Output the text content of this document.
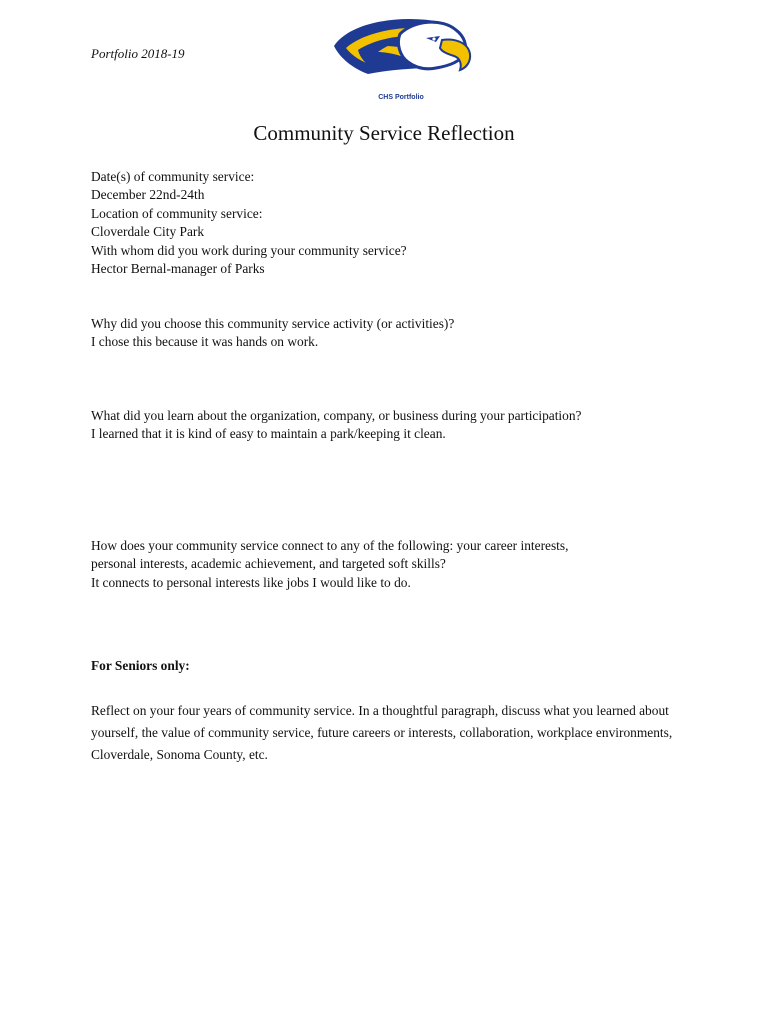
Portfolio 2018-19
CHS Portfolio
Community Service Reflection
Date(s) of community service:
December 22nd-24th
Location of community service:
Cloverdale City Park
With whom did you work during your community service?
Hector Bernal-manager of Parks
Why did you choose this community service activity (or activities)?
I chose this because it was hands on work.
What did you learn about the organization, company, or business during your participation?
I learned that it is kind of easy to maintain a park/keeping it clean.
How does your community service connect to any of the following: your career interests,
personal interests, academic achievement, and targeted soft skills?
It connects to personal interests like jobs I would like to do.
For Seniors only:
Reflect on your four years of community service. In a thoughtful paragraph, discuss what you learned about yourself, the value of community service, future careers or interests, collaboration, workplace environments, Cloverdale, Sonoma County, etc.
